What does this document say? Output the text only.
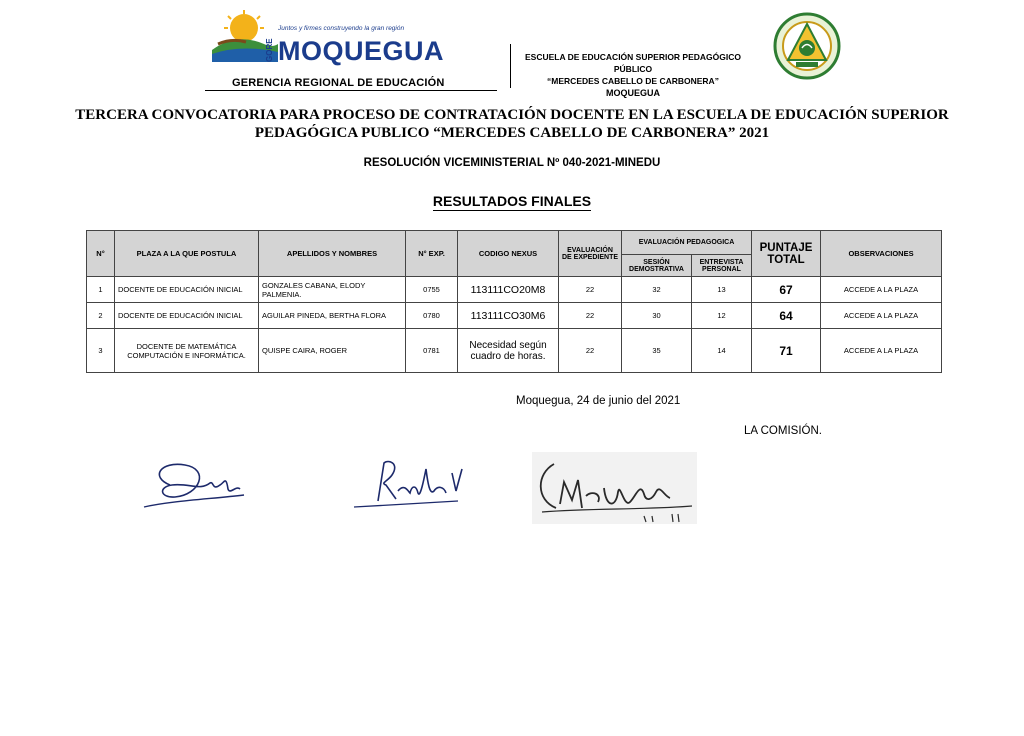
Juntos y firmes construyendo la gran región
GORE MOQUEGUA
GERENCIA REGIONAL DE EDUCACIÓN
ESCUELA DE EDUCACIÓN SUPERIOR PEDAGÓGICO PÚBLICO
“MERCEDES CABELLO DE CARBONERA”
MOQUEGUA
TERCERA CONVOCATORIA PARA PROCESO DE CONTRATACIÓN DOCENTE EN LA ESCUELA DE EDUCACIÓN SUPERIOR PEDAGÓGICA PUBLICO “MERCEDES CABELLO DE CARBONERA” 2021
RESOLUCIÓN VICEMINISTERIAL Nº 040-2021-MINEDU
RESULTADOS FINALES
N°	PLAZA A LA QUE POSTULA	APELLIDOS Y NOMBRES	N° EXP.	CODIGO NEXUS	EVALUACIÓN DE EXPEDIENTE	EVALUACIÓN PEDAGOGICA		PUNTAJE TOTAL	OBSERVACIONES
						SESIÓN DEMOSTRATIVA	ENTREVISTA PERSONAL		
1	DOCENTE DE EDUCACIÓN INICIAL	GONZALES CABANA, ELODY PALMENIA.	0755	113111CO20M8	22	32	13	67	ACCEDE A LA PLAZA
2	DOCENTE DE EDUCACIÓN INICIAL	AGUILAR PINEDA, BERTHA FLORA	0780	113111CO30M6	22	30	12	64	ACCEDE A LA PLAZA
3	DOCENTE DE MATEMÁTICA COMPUTACIÓN E INFORMÁTICA.	QUISPE CAIRA, ROGER	0781	Necesidad según cuadro de horas.	22	35	14	71	ACCEDE A LA PLAZA
Moquegua, 24 de junio del 2021
LA COMISIÓN.
